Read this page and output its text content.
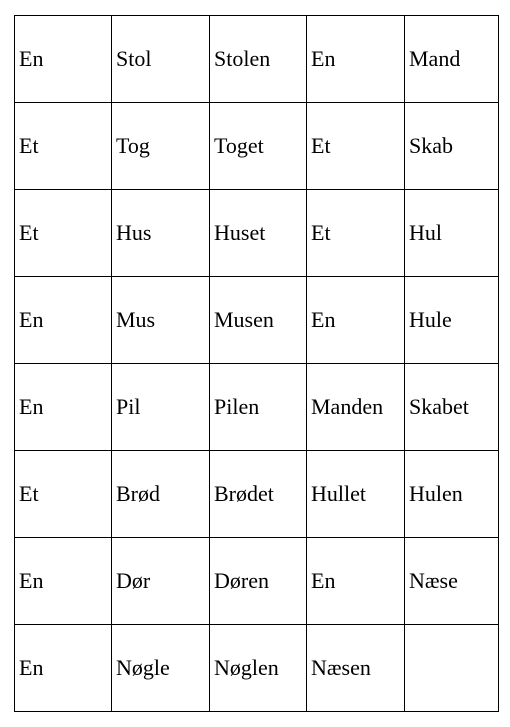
En	Stol	Stolen	En	Mand
Et	Tog	Toget	Et	Skab
Et	Hus	Huset	Et	Hul
En	Mus	Musen	En	Hule
En	Pil	Pilen	Manden	Skabet
Et	Brød	Brødet	Hullet	Hulen
En	Dør	Døren	En	Næse
En	Nøgle	Nøglen	Næsen	
